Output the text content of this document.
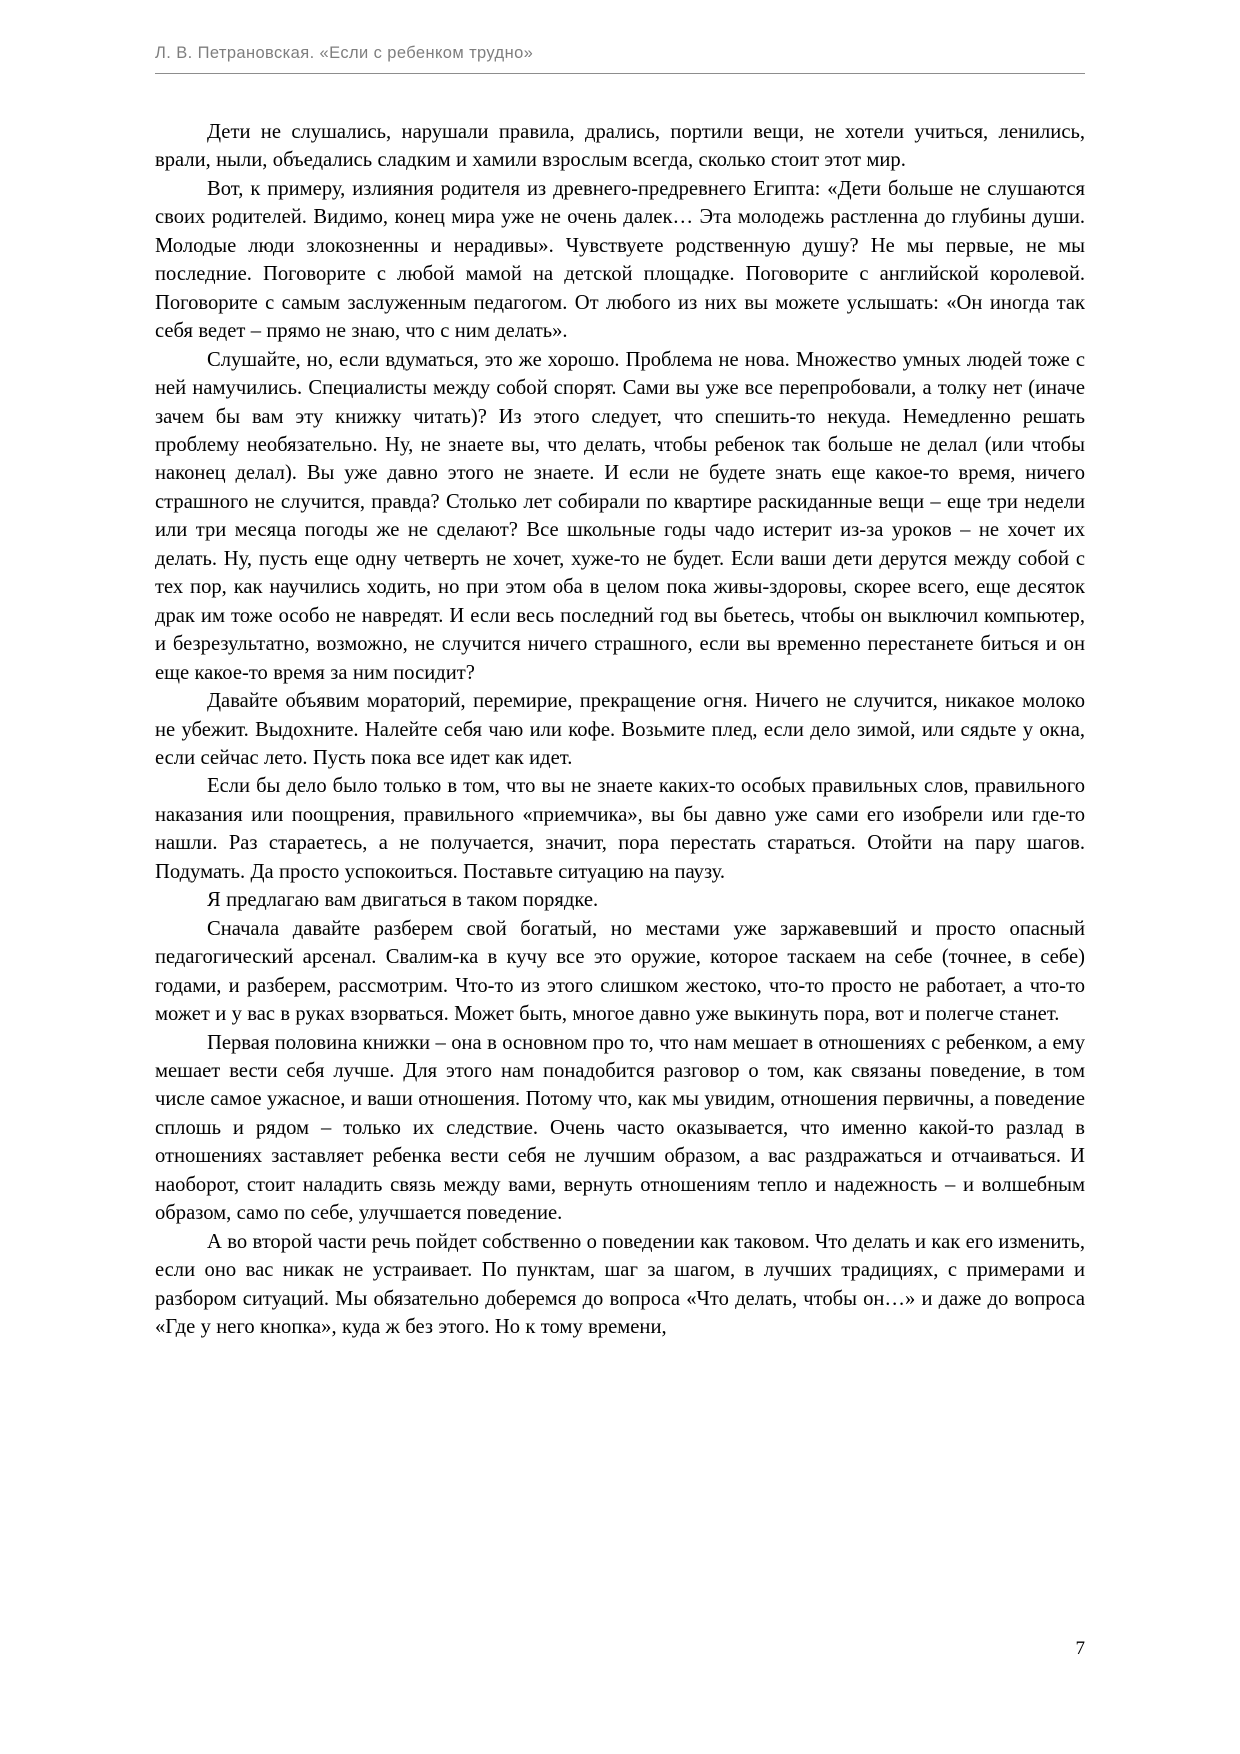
Л. В. Петрановская. «Если с ребенком трудно»

Дети не слушались, нарушали правила, дрались, портили вещи, не хотели учиться, ленились, врали, ныли, объедались сладким и хамили взрослым всегда, сколько стоит этот мир.

Вот, к примеру, излияния родителя из древнего-предревнего Египта: «Дети больше не слушаются своих родителей. Видимо, конец мира уже не очень далек… Эта молодежь растленна до глубины души. Молодые люди злокозненны и нерадивы». Чувствуете родственную душу? Не мы первые, не мы последние. Поговорите с любой мамой на детской площадке. Поговорите с английской королевой. Поговорите с самым заслуженным педагогом. От любого из них вы можете услышать: «Он иногда так себя ведет – прямо не знаю, что с ним делать».

Слушайте, но, если вдуматься, это же хорошо. Проблема не нова. Множество умных людей тоже с ней намучились. Специалисты между собой спорят. Сами вы уже все перепробовали, а толку нет (иначе зачем бы вам эту книжку читать)? Из этого следует, что спешить-то некуда. Немедленно решать проблему необязательно. Ну, не знаете вы, что делать, чтобы ребенок так больше не делал (или чтобы наконец делал). Вы уже давно этого не знаете. И если не будете знать еще какое-то время, ничего страшного не случится, правда? Столько лет собирали по квартире раскиданные вещи – еще три недели или три месяца погоды же не сделают? Все школьные годы чадо истерит из-за уроков – не хочет их делать. Ну, пусть еще одну четверть не хочет, хуже-то не будет. Если ваши дети дерутся между собой с тех пор, как научились ходить, но при этом оба в целом пока живы-здоровы, скорее всего, еще десяток драк им тоже особо не навредят. И если весь последний год вы бьетесь, чтобы он выключил компьютер, и безрезультатно, возможно, не случится ничего страшного, если вы временно перестанете биться и он еще какое-то время за ним посидит?

Давайте объявим мораторий, перемирие, прекращение огня. Ничего не случится, никакое молоко не убежит. Выдохните. Налейте себя чаю или кофе. Возьмите плед, если дело зимой, или сядьте у окна, если сейчас лето. Пусть пока все идет как идет.

Если бы дело было только в том, что вы не знаете каких-то особых правильных слов, правильного наказания или поощрения, правильного «приемчика», вы бы давно уже сами его изобрели или где-то нашли. Раз стараетесь, а не получается, значит, пора перестать стараться. Отойти на пару шагов. Подумать. Да просто успокоиться. Поставьте ситуацию на паузу.

Я предлагаю вам двигаться в таком порядке.

Сначала давайте разберем свой богатый, но местами уже заржавевший и просто опасный педагогический арсенал. Свалим-ка в кучу все это оружие, которое таскаем на себе (точнее, в себе) годами, и разберем, рассмотрим. Что-то из этого слишком жестоко, что-то просто не работает, а что-то может и у вас в руках взорваться. Может быть, многое давно уже выкинуть пора, вот и полегче станет.

Первая половина книжки – она в основном про то, что нам мешает в отношениях с ребенком, а ему мешает вести себя лучше. Для этого нам понадобится разговор о том, как связаны поведение, в том числе самое ужасное, и ваши отношения. Потому что, как мы увидим, отношения первичны, а поведение сплошь и рядом – только их следствие. Очень часто оказывается, что именно какой-то разлад в отношениях заставляет ребенка вести себя не лучшим образом, а вас раздражаться и отчаиваться. И наоборот, стоит наладить связь между вами, вернуть отношениям тепло и надежность – и волшебным образом, само по себе, улучшается поведение.

А во второй части речь пойдет собственно о поведении как таковом. Что делать и как его изменить, если оно вас никак не устраивает. По пунктам, шаг за шагом, в лучших традициях, с примерами и разбором ситуаций. Мы обязательно доберемся до вопроса «Что делать, чтобы он…» и даже до вопроса «Где у него кнопка», куда ж без этого. Но к тому времени,

7
